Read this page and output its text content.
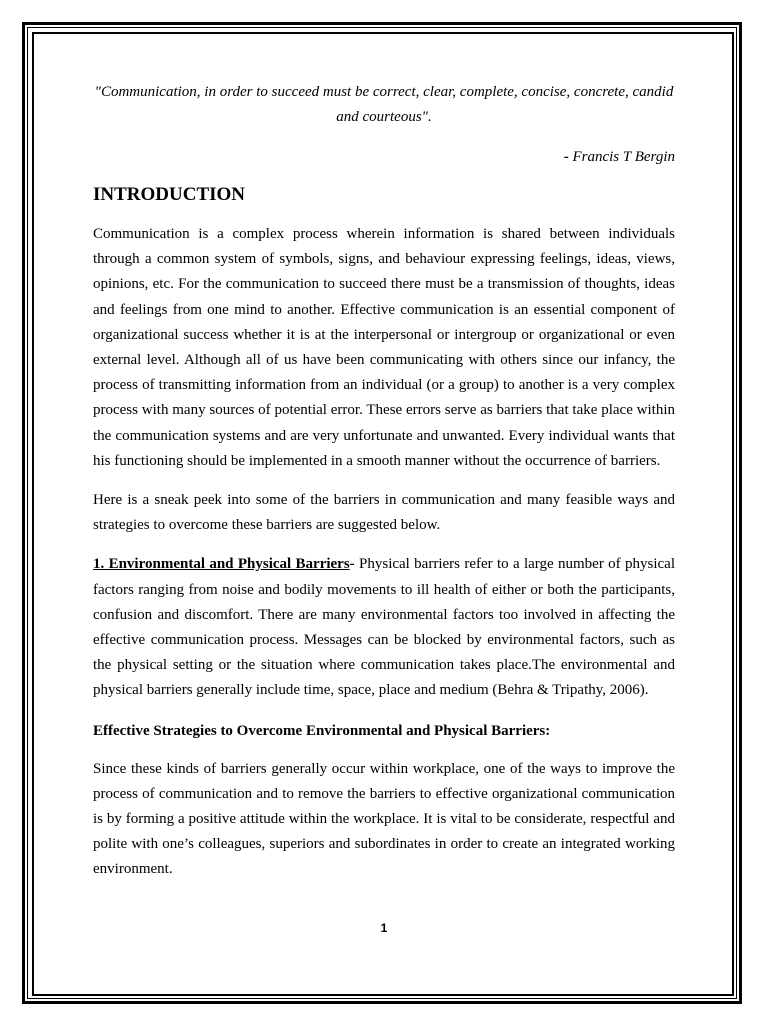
"Communication, in order to succeed must be correct, clear, complete, concise, concrete, candid and courteous".

- Francis T Bergin

INTRODUCTION

Communication is a complex process wherein information is shared between individuals through a common system of symbols, signs, and behaviour expressing feelings, ideas, views, opinions, etc. For the communication to succeed there must be a transmission of thoughts, ideas and feelings from one mind to another. Effective communication is an essential component of organizational success whether it is at the interpersonal or intergroup or organizational or even external level. Although all of us have been communicating with others since our infancy, the process of transmitting information from an individual (or a group) to another is a very complex process with many sources of potential error. These errors serve as barriers that take place within the communication systems and are very unfortunate and unwanted. Every individual wants that his functioning should be implemented in a smooth manner without the occurrence of barriers.

Here is a sneak peek into some of the barriers in communication and many feasible ways and strategies to overcome these barriers are suggested below.

1. Environmental and Physical Barriers- Physical barriers refer to a large number of physical factors ranging from noise and bodily movements to ill health of either or both the participants, confusion and discomfort. There are many environmental factors too involved in affecting the effective communication process. Messages can be blocked by environmental factors, such as the physical setting or the situation where communication takes place.The environmental and physical barriers generally include time, space, place and medium (Behra & Tripathy, 2006).

Effective Strategies to Overcome Environmental and Physical Barriers:

Since these kinds of barriers generally occur within workplace, one of the ways to improve the process of communication and to remove the barriers to effective organizational communication is by forming a positive attitude within the workplace. It is vital to be considerate, respectful and polite with one’s colleagues, superiors and subordinates in order to create an integrated working environment.

1
